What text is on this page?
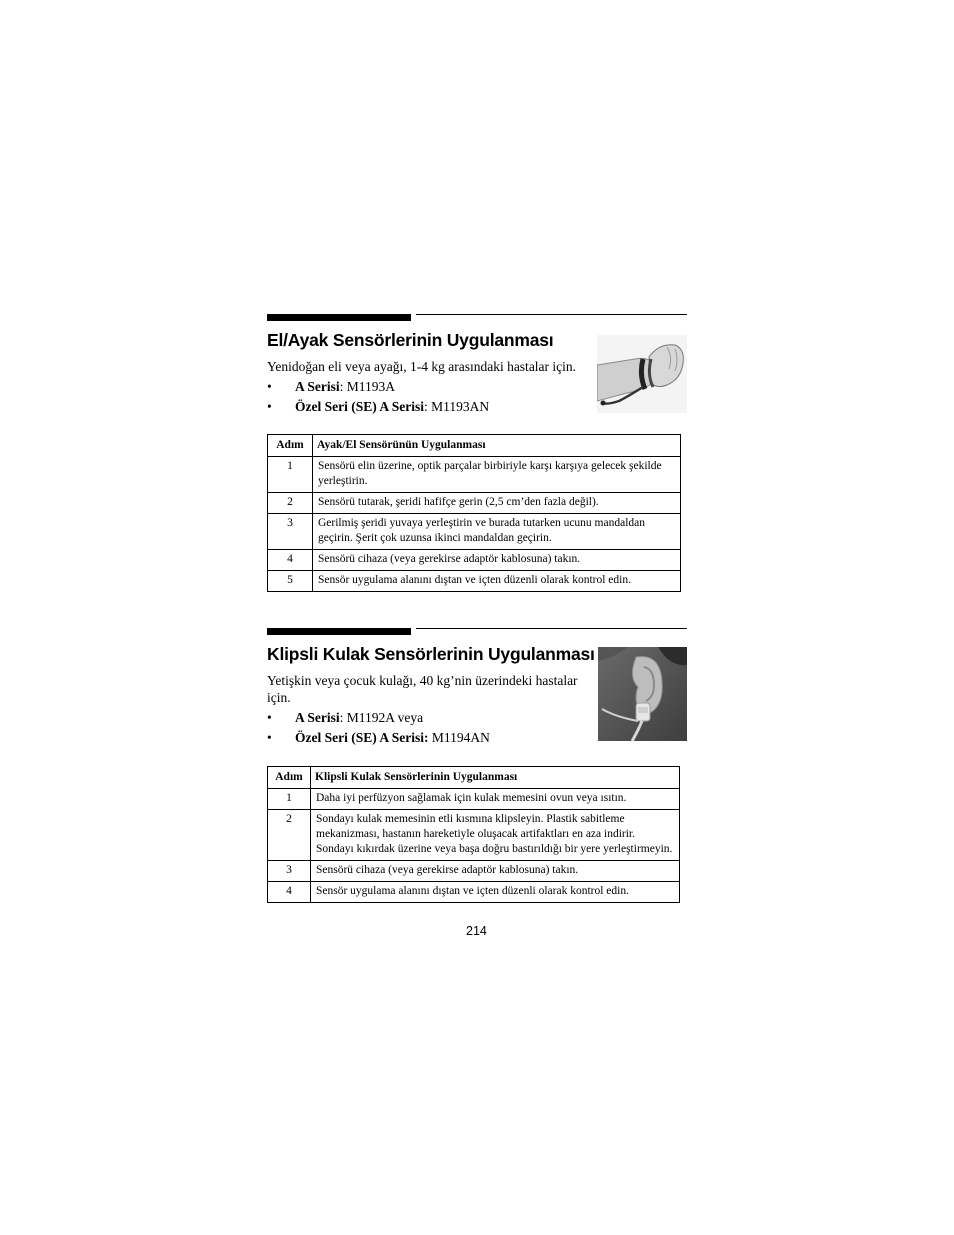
El/Ayak Sensörlerinin Uygulanması
Yenidoğan eli veya ayağı, 1-4 kg arasındaki hastalar için.
• A Serisi: M1193A
• Özel Seri (SE) A Serisi: M1193AN
Adım	Ayak/El Sensörünün Uygulanması
1	Sensörü elin üzerine, optik parçalar birbiriyle karşı karşıya gelecek şekilde yerleştirin.
2	Sensörü tutarak, şeridi hafifçe gerin (2,5 cm’den fazla değil).
3	Gerilmiş şeridi yuvaya yerleştirin ve burada tutarken ucunu mandaldan geçirin. Şerit çok uzunsa ikinci mandaldan geçirin.
4	Sensörü cihaza (veya gerekirse adaptör kablosuna) takın.
5	Sensör uygulama alanını dıştan ve içten düzenli olarak kontrol edin.
Klipsli Kulak Sensörlerinin Uygulanması
Yetişkin veya çocuk kulağı, 40 kg’nin üzerindeki hastalar için.
• A Serisi: M1192A veya
• Özel Seri (SE) A Serisi: M1194AN
Adım	Klipsli Kulak Sensörlerinin Uygulanması
1	Daha iyi perfüzyon sağlamak için kulak memesini ovun veya ısıtın.
2	Sondayı kulak memesinin etli kısmına klipsleyin. Plastik sabitleme mekanizması, hastanın hareketiyle oluşacak artifaktları en aza indirir. Sondayı kıkırdak üzerine veya başa doğru bastırıldığı bir yere yerleştirmeyin.
3	Sensörü cihaza (veya gerekirse adaptör kablosuna) takın.
4	Sensör uygulama alanını dıştan ve içten düzenli olarak kontrol edin.
214
